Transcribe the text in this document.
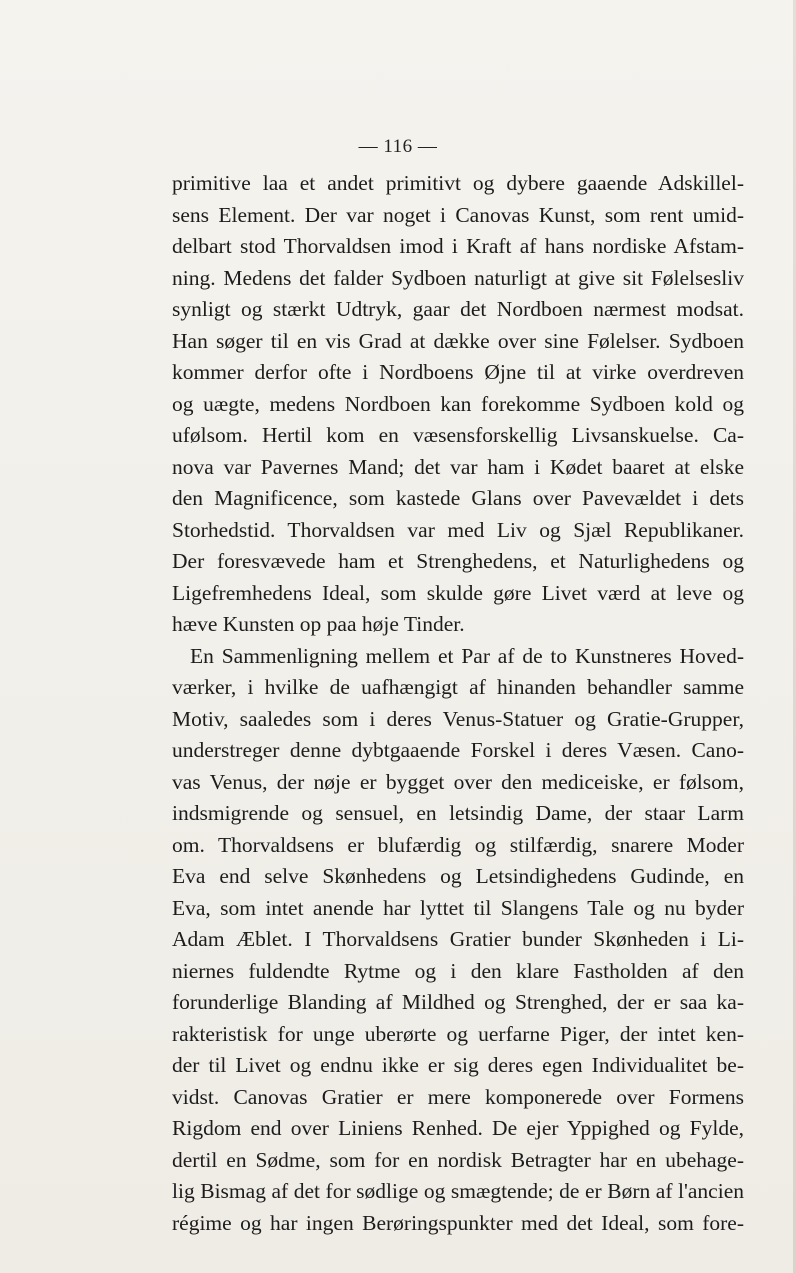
— 116 —
primitive laa et andet primitivt og dybere gaaende Adskillel-
sens Element. Der var noget i Canovas Kunst, som rent umid-
delbart stod Thorvaldsen imod i Kraft af hans nordiske Afstam-
ning. Medens det falder Sydboen naturligt at give sit Følelsesliv
synligt og stærkt Udtryk, gaar det Nordboen nærmest modsat.
Han søger til en vis Grad at dække over sine Følelser. Sydboen
kommer derfor ofte i Nordboens Øjne til at virke overdreven
og uægte, medens Nordboen kan forekomme Sydboen kold og
ufølsom. Hertil kom en væsensforskellig Livsanskuelse. Ca-
nova var Pavernes Mand; det var ham i Kødet baaret at elske
den Magnificence, som kastede Glans over Pavevældet i dets
Storhedstid. Thorvaldsen var med Liv og Sjæl Republikaner.
Der foresvævede ham et Strenghedens, et Naturlighedens og
Ligefremhedens Ideal, som skulde gøre Livet værd at leve og
hæve Kunsten op paa høje Tinder.
En Sammenligning mellem et Par af de to Kunstneres Hoved-
værker, i hvilke de uafhængigt af hinanden behandler samme
Motiv, saaledes som i deres Venus-Statuer og Gratie-Grupper,
understreger denne dybtgaaende Forskel i deres Væsen. Cano-
vas Venus, der nøje er bygget over den mediceiske, er følsom,
indsmigrende og sensuel, en letsindig Dame, der staar Larm
om. Thorvaldsens er blufærdig og stilfærdig, snarere Moder
Eva end selve Skønhedens og Letsindighedens Gudinde, en
Eva, som intet anende har lyttet til Slangens Tale og nu byder
Adam Æblet. I Thorvaldsens Gratier bunder Skønheden i Li-
niernes fuldendte Rytme og i den klare Fastholden af den
forunderlige Blanding af Mildhed og Strenghed, der er saa ka-
rakteristisk for unge uberørte og uerfarne Piger, der intet ken-
der til Livet og endnu ikke er sig deres egen Individualitet be-
vidst. Canovas Gratier er mere komponerede over Formens
Rigdom end over Liniens Renhed. De ejer Yppighed og Fylde,
dertil en Sødme, som for en nordisk Betragter har en ubehage-
lig Bismag af det for sødlige og smægtende; de er Børn af l'ancien
régime og har ingen Berøringspunkter med det Ideal, som fore-
